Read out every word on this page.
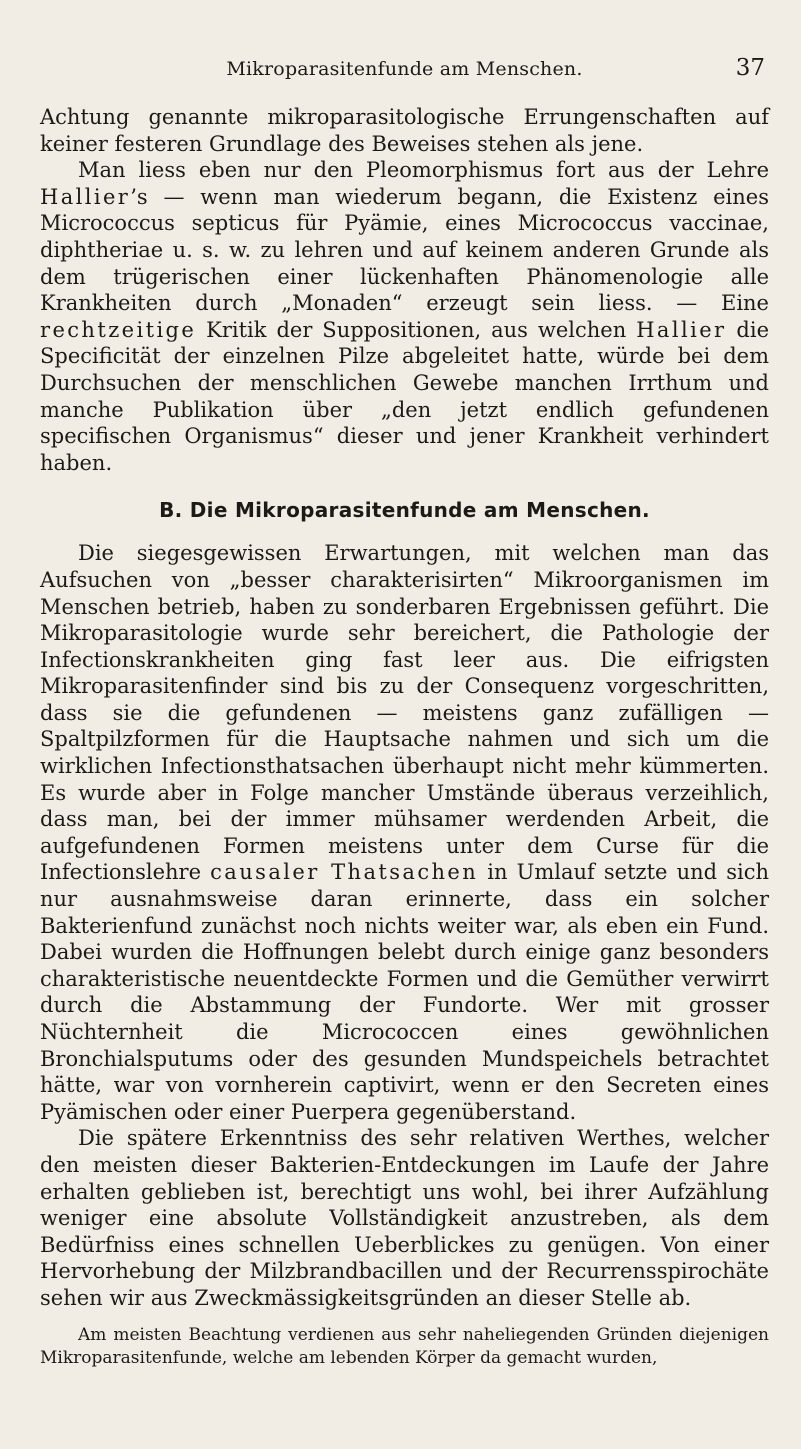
Mikroparasitenfunde am Menschen.	37

Achtung genannte mikroparasitologische Errungenschaften auf keiner festeren Grundlage des Beweises stehen als jene.

Man liess eben nur den Pleomorphismus fort aus der Lehre Hallier’s — wenn man wiederum begann, die Existenz eines Micrococcus septicus für Pyämie, eines Micrococcus vaccinae, diphtheriae u. s. w. zu lehren und auf keinem anderen Grunde als dem trügerischen einer lückenhaften Phänomenologie alle Krankheiten durch „Monaden“ erzeugt sein liess. — Eine rechtzeitige Kritik der Suppositionen, aus welchen Hallier die Specificität der einzelnen Pilze abgeleitet hatte, würde bei dem Durchsuchen der menschlichen Gewebe manchen Irrthum und manche Publikation über „den jetzt endlich gefundenen specifischen Organismus“ dieser und jener Krankheit verhindert haben.

B. Die Mikroparasitenfunde am Menschen.

Die siegesgewissen Erwartungen, mit welchen man das Aufsuchen von „besser charakterisirten“ Mikroorganismen im Menschen betrieb, haben zu sonderbaren Ergebnissen geführt. Die Mikroparasitologie wurde sehr bereichert, die Pathologie der Infectionskrankheiten ging fast leer aus. Die eifrigsten Mikroparasitenfinder sind bis zu der Consequenz vorgeschritten, dass sie die gefundenen — meistens ganz zufälligen — Spaltpilzformen für die Hauptsache nahmen und sich um die wirklichen Infectionsthatsachen überhaupt nicht mehr kümmerten. Es wurde aber in Folge mancher Umstände überaus verzeihlich, dass man, bei der immer mühsamer werdenden Arbeit, die aufgefundenen Formen meistens unter dem Curse für die Infectionslehre causaler Thatsachen in Umlauf setzte und sich nur ausnahmsweise daran erinnerte, dass ein solcher Bakterienfund zunächst noch nichts weiter war, als eben ein Fund. Dabei wurden die Hoffnungen belebt durch einige ganz besonders charakteristische neuentdeckte Formen und die Gemüther verwirrt durch die Abstammung der Fundorte. Wer mit grosser Nüchternheit die Micrococcen eines gewöhnlichen Bronchialsputums oder des gesunden Mundspeichels betrachtet hätte, war von vornherein captivirt, wenn er den Secreten eines Pyämischen oder einer Puerpera gegenüberstand.

Die spätere Erkenntniss des sehr relativen Werthes, welcher den meisten dieser Bakterien-Entdeckungen im Laufe der Jahre erhalten geblieben ist, berechtigt uns wohl, bei ihrer Aufzählung weniger eine absolute Vollständigkeit anzustreben, als dem Bedürfniss eines schnellen Ueberblickes zu genügen. Von einer Hervorhebung der Milzbrandbacillen und der Recurrensspirochäte sehen wir aus Zweckmässigkeitsgründen an dieser Stelle ab.

Am meisten Beachtung verdienen aus sehr naheliegenden Gründen diejenigen Mikroparasitenfunde, welche am lebenden Körper da gemacht wurden,
